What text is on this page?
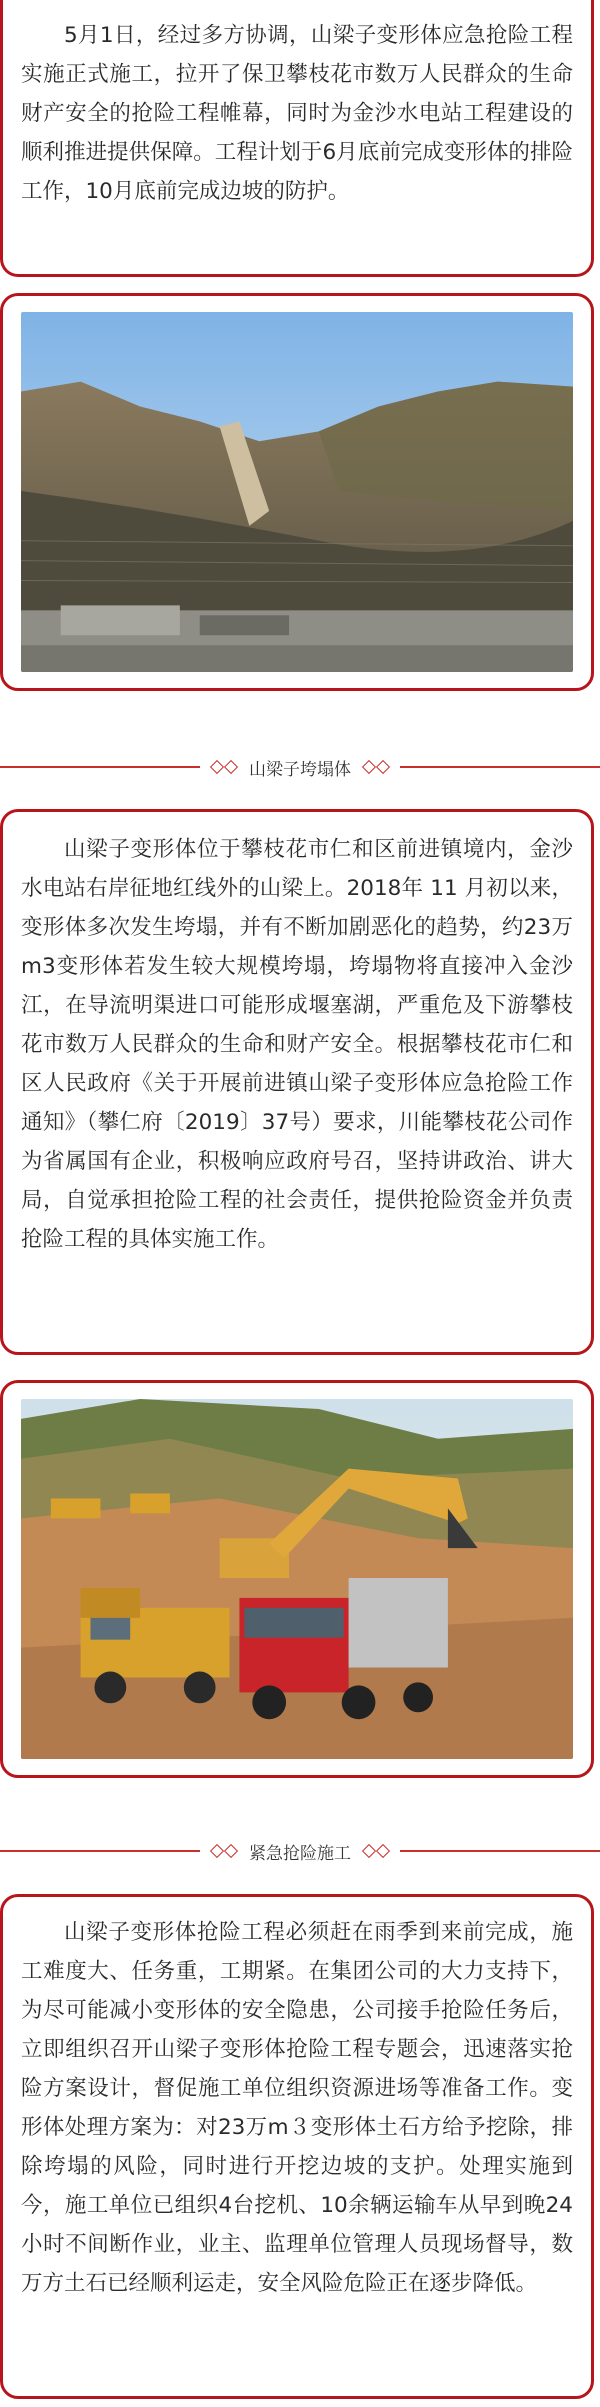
5月1日，经过多方协调，山梁子变形体应急抢险工程实施正式施工，拉开了保卫攀枝花市数万人民群众的生命财产安全的抢险工程帷幕，同时为金沙水电站工程建设的顺利推进提供保障。工程计划于6月底前完成变形体的排险工作，10月底前完成边坡的防护。

山梁子垮塌体

山梁子变形体位于攀枝花市仁和区前进镇境内，金沙水电站右岸征地红线外的山梁上。2018年 11 月初以来，变形体多次发生垮塌，并有不断加剧恶化的趋势，约23万m3变形体若发生较大规模垮塌，垮塌物将直接冲入金沙江，在导流明渠进口可能形成堰塞湖，严重危及下游攀枝花市数万人民群众的生命和财产安全。根据攀枝花市仁和区人民政府《关于开展前进镇山梁子变形体应急抢险工作通知》（攀仁府〔2019〕37号）要求，川能攀枝花公司作为省属国有企业，积极响应政府号召，坚持讲政治、讲大局，自觉承担抢险工程的社会责任，提供抢险资金并负责抢险工程的具体实施工作。

紧急抢险施工

山梁子变形体抢险工程必须赶在雨季到来前完成，施工难度大、任务重，工期紧。在集团公司的大力支持下，为尽可能减小变形体的安全隐患，公司接手抢险任务后，立即组织召开山梁子变形体抢险工程专题会，迅速落实抢险方案设计，督促施工单位组织资源进场等准备工作。变形体处理方案为：对23万m３变形体土石方给予挖除，排除垮塌的风险，同时进行开挖边坡的支护。处理实施到今，施工单位已组织4台挖机、10余辆运输车从早到晚24小时不间断作业，业主、监理单位管理人员现场督导，数万方土石已经顺利运走，安全风险危险正在逐步降低。
